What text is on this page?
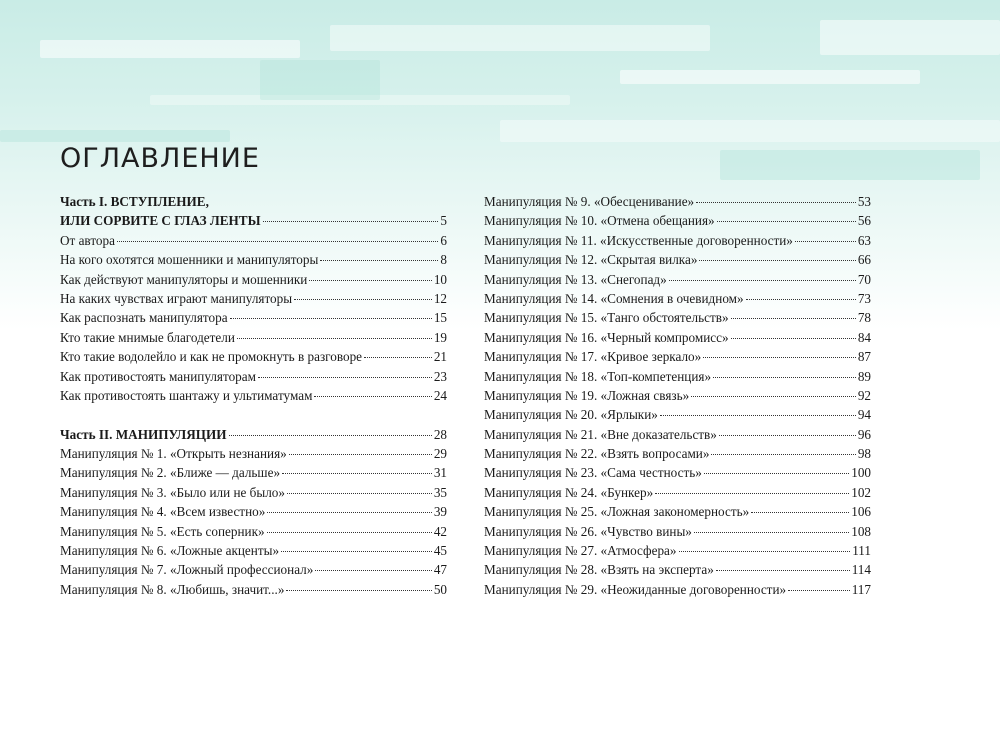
ОГЛАВЛЕНИЕ
Часть I. ВСТУПЛЕНИЕ,
ИЛИ СОРВИТЕ С ГЛАЗ ЛЕНТЫ	5
От автора	6
На кого охотятся мошенники и манипуляторы	8
Как действуют манипуляторы и мошенники	10
На каких чувствах играют манипуляторы	12
Как распознать манипулятора	15
Кто такие мнимые благодетели	19
Кто такие водолейло и как не промокнуть в разговоре	21
Как противостоять манипуляторам	23
Как противостоять шантажу и ультиматумам	24
Часть II. МАНИПУЛЯЦИИ	28
Манипуляция № 1. «Открыть незнания»	29
Манипуляция № 2. «Ближе — дальше»	31
Манипуляция № 3. «Было или не было»	35
Манипуляция № 4. «Всем известно»	39
Манипуляция № 5. «Есть соперник»	42
Манипуляция № 6. «Ложные акценты»	45
Манипуляция № 7. «Ложный профессионал»	47
Манипуляция № 8. «Любишь, значит...»	50
Манипуляция № 9. «Обесценивание»	53
Манипуляция № 10. «Отмена обещания»	56
Манипуляция № 11. «Искусственные договоренности»	63
Манипуляция № 12. «Скрытая вилка»	66
Манипуляция № 13. «Снегопад»	70
Манипуляция № 14. «Сомнения в очевидном»	73
Манипуляция № 15. «Танго обстоятельств»	78
Манипуляция № 16. «Черный компромисс»	84
Манипуляция № 17. «Кривое зеркало»	87
Манипуляция № 18. «Топ-компетенция»	89
Манипуляция № 19. «Ложная связь»	92
Манипуляция № 20. «Ярлыки»	94
Манипуляция № 21. «Вне доказательств»	96
Манипуляция № 22. «Взять вопросами»	98
Манипуляция № 23. «Сама честность»	100
Манипуляция № 24. «Бункер»	102
Манипуляция № 25. «Ложная закономерность»	106
Манипуляция № 26. «Чувство вины»	108
Манипуляция № 27. «Атмосфера»	111
Манипуляция № 28. «Взять на эксперта»	114
Манипуляция № 29. «Неожиданные договоренности»	117
